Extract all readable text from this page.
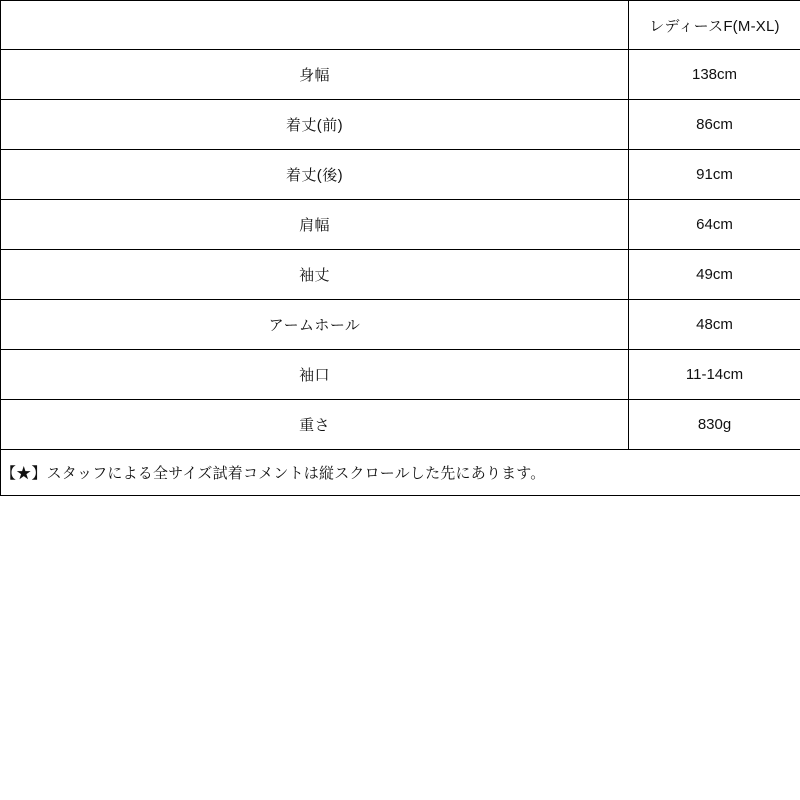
	レディースF(M-XL)
身幅	138cm
着丈(前)	86cm
着丈(後)	91cm
肩幅	64cm
袖丈	49cm
アームホール	48cm
袖口	11-14cm
重さ	830g
【★】スタッフによる全サイズ試着コメントは縦スクロールした先にあります。	
